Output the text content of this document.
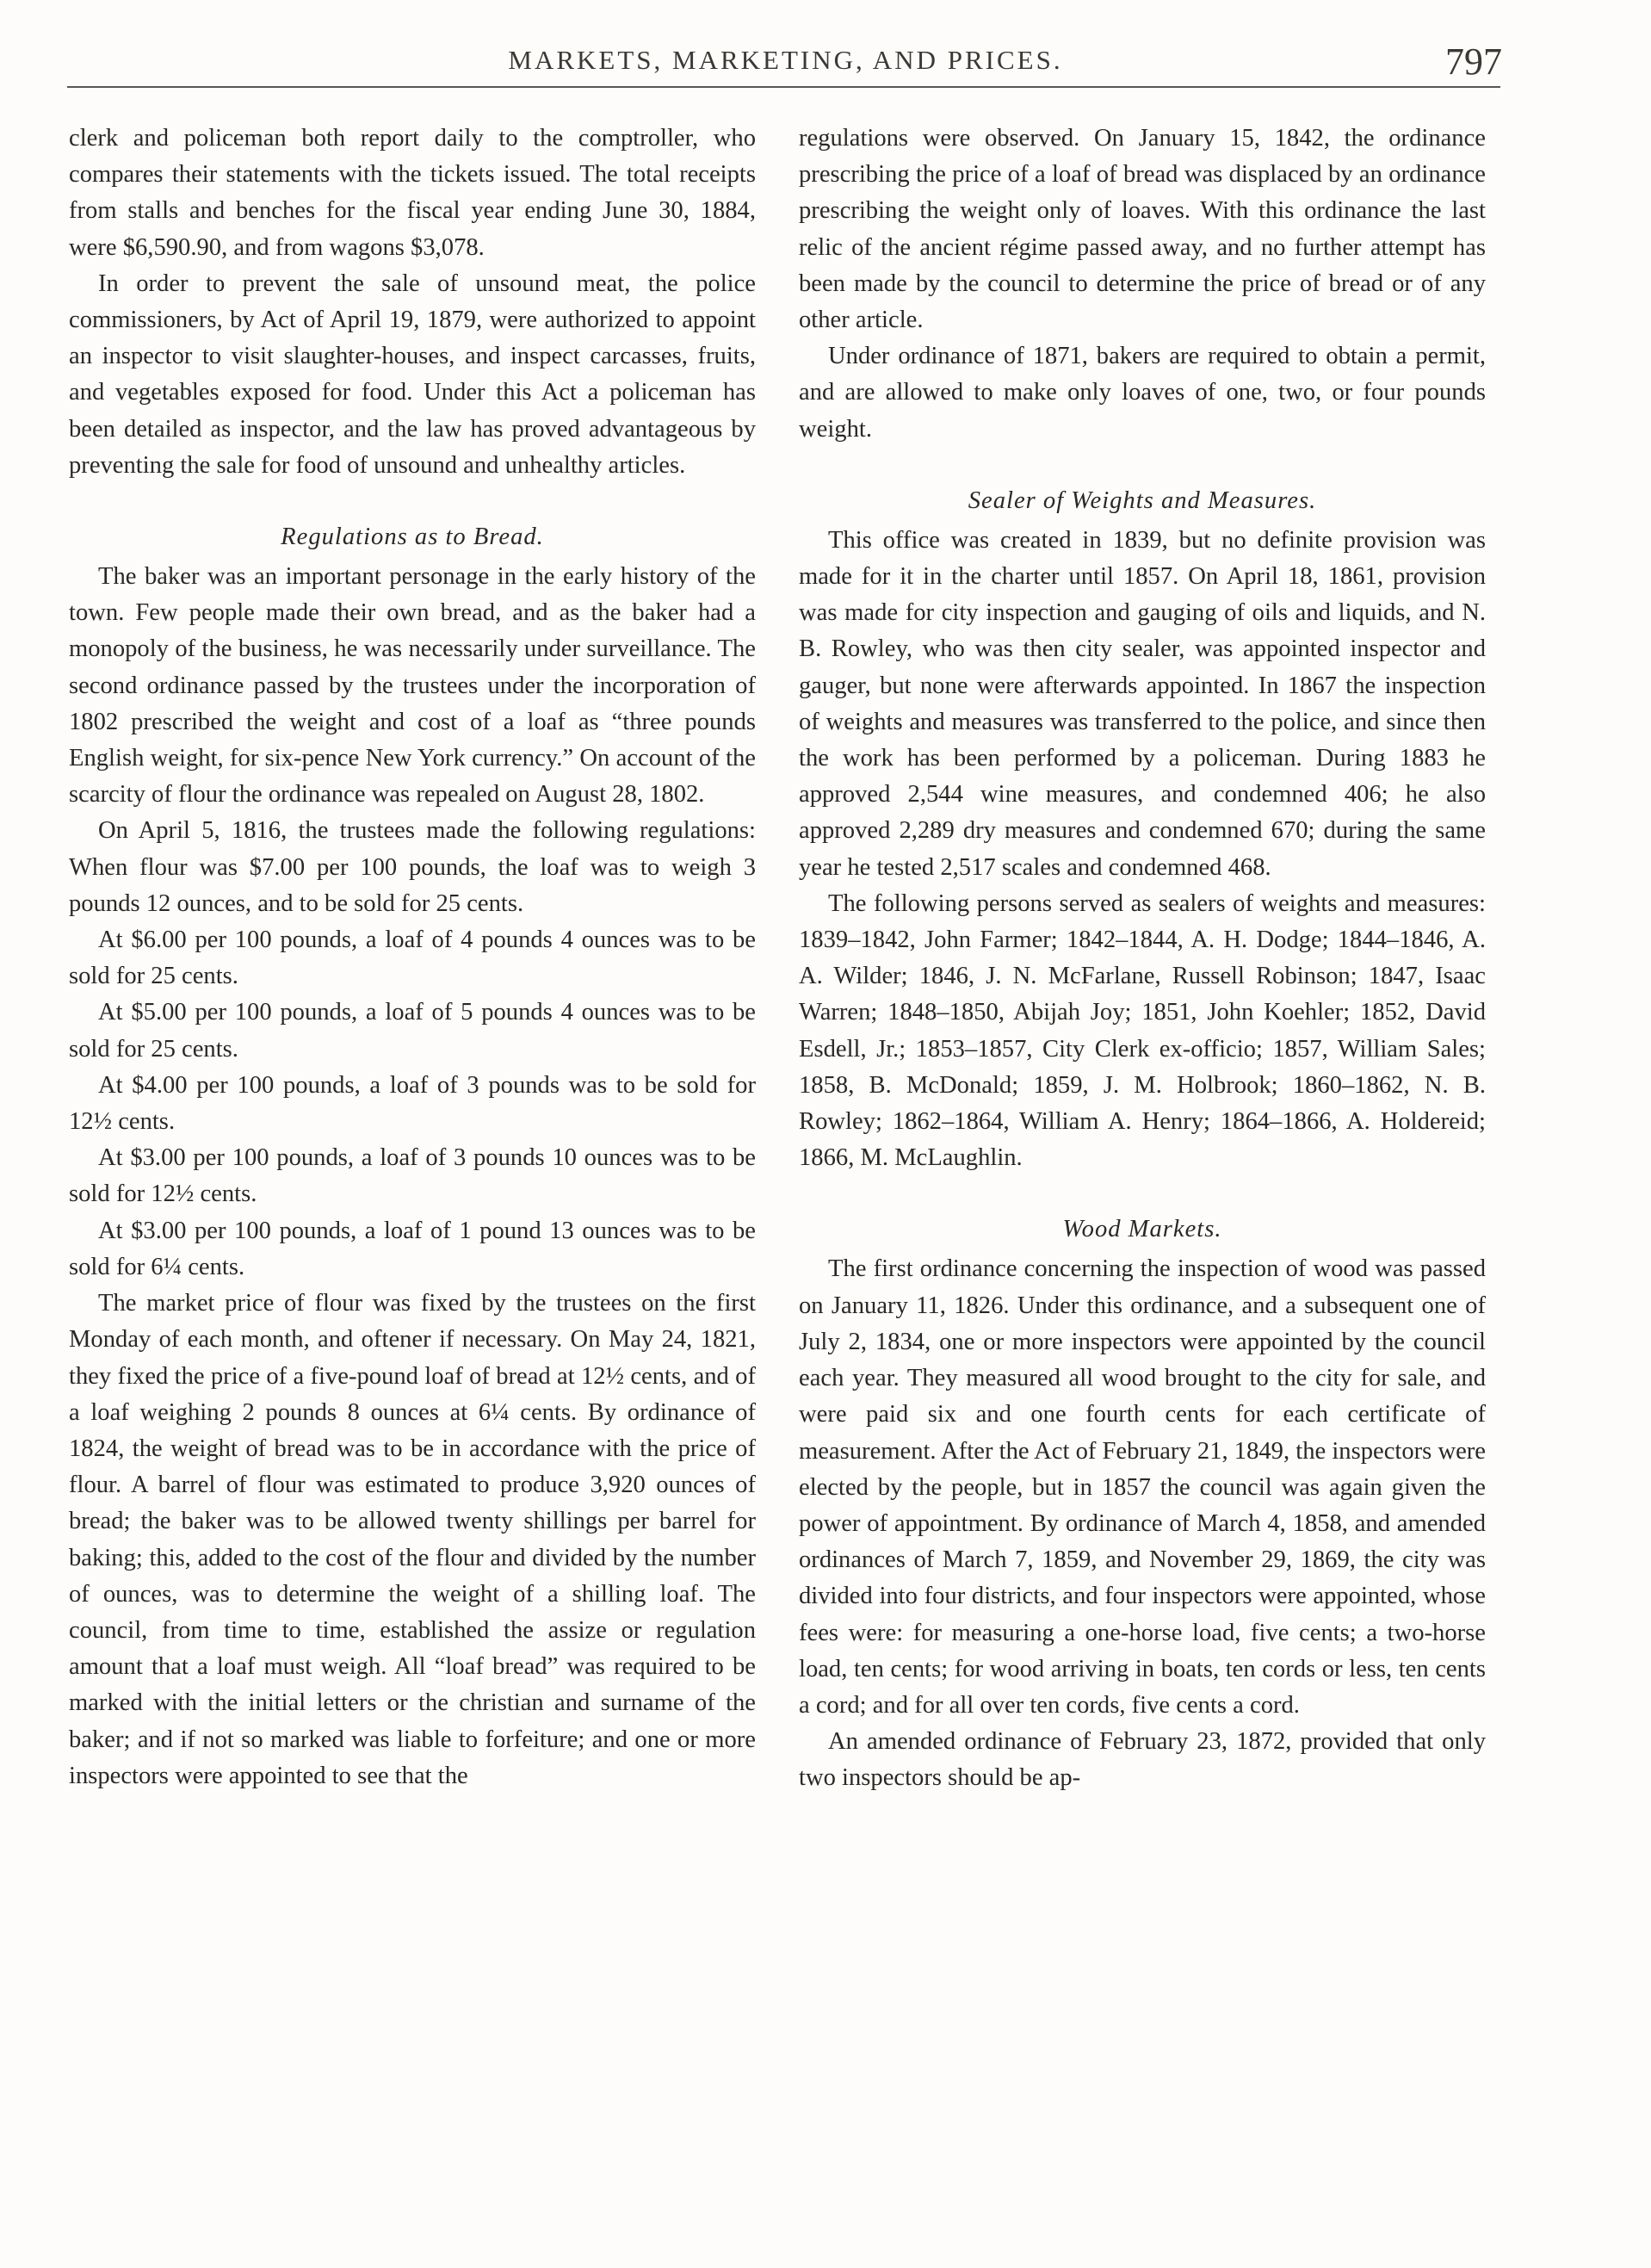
MARKETS, MARKETING, AND PRICES.	797

clerk and policeman both report daily to the comptroller, who compares their statements with the tickets issued. The total receipts from stalls and benches for the fiscal year ending June 30, 1884, were $6,590.90, and from wagons $3,078.

In order to prevent the sale of unsound meat, the police commissioners, by Act of April 19, 1879, were authorized to appoint an inspector to visit slaughter-houses, and inspect carcasses, fruits, and vegetables exposed for food. Under this Act a policeman has been detailed as inspector, and the law has proved advantageous by preventing the sale for food of unsound and unhealthy articles.

Regulations as to Bread.

The baker was an important personage in the early history of the town. Few people made their own bread, and as the baker had a monopoly of the business, he was necessarily under surveillance. The second ordinance passed by the trustees under the incorporation of 1802 prescribed the weight and cost of a loaf as “three pounds English weight, for six-pence New York currency.” On account of the scarcity of flour the ordinance was repealed on August 28, 1802.

On April 5, 1816, the trustees made the following regulations: When flour was $7.00 per 100 pounds, the loaf was to weigh 3 pounds 12 ounces, and to be sold for 25 cents.

At $6.00 per 100 pounds, a loaf of 4 pounds 4 ounces was to be sold for 25 cents.

At $5.00 per 100 pounds, a loaf of 5 pounds 4 ounces was to be sold for 25 cents.

At $4.00 per 100 pounds, a loaf of 3 pounds was to be sold for 12½ cents.

At $3.00 per 100 pounds, a loaf of 3 pounds 10 ounces was to be sold for 12½ cents.

At $3.00 per 100 pounds, a loaf of 1 pound 13 ounces was to be sold for 6¼ cents.

The market price of flour was fixed by the trustees on the first Monday of each month, and oftener if necessary. On May 24, 1821, they fixed the price of a five-pound loaf of bread at 12½ cents, and of a loaf weighing 2 pounds 8 ounces at 6¼ cents. By ordinance of 1824, the weight of bread was to be in accordance with the price of flour. A barrel of flour was estimated to produce 3,920 ounces of bread; the baker was to be allowed twenty shillings per barrel for baking; this, added to the cost of the flour and divided by the number of ounces, was to determine the weight of a shilling loaf. The council, from time to time, established the assize or regulation amount that a loaf must weigh. All “loaf bread” was required to be marked with the initial letters or the christian and surname of the baker; and if not so marked was liable to forfeiture; and one or more inspectors were appointed to see that the

regulations were observed. On January 15, 1842, the ordinance prescribing the price of a loaf of bread was displaced by an ordinance prescribing the weight only of loaves. With this ordinance the last relic of the ancient régime passed away, and no further attempt has been made by the council to determine the price of bread or of any other article.

Under ordinance of 1871, bakers are required to obtain a permit, and are allowed to make only loaves of one, two, or four pounds weight.

Sealer of Weights and Measures.

This office was created in 1839, but no definite provision was made for it in the charter until 1857. On April 18, 1861, provision was made for city inspection and gauging of oils and liquids, and N. B. Rowley, who was then city sealer, was appointed inspector and gauger, but none were afterwards appointed. In 1867 the inspection of weights and measures was transferred to the police, and since then the work has been performed by a policeman. During 1883 he approved 2,544 wine measures, and condemned 406; he also approved 2,289 dry measures and condemned 670; during the same year he tested 2,517 scales and condemned 468.

The following persons served as sealers of weights and measures: 1839–1842, John Farmer; 1842–1844, A. H. Dodge; 1844–1846, A. A. Wilder; 1846, J. N. McFarlane, Russell Robinson; 1847, Isaac Warren; 1848–1850, Abijah Joy; 1851, John Koehler; 1852, David Esdell, Jr.; 1853–1857, City Clerk ex-officio; 1857, William Sales; 1858, B. McDonald; 1859, J. M. Holbrook; 1860–1862, N. B. Rowley; 1862–1864, William A. Henry; 1864–1866, A. Holdereid; 1866, M. McLaughlin.

Wood Markets.

The first ordinance concerning the inspection of wood was passed on January 11, 1826. Under this ordinance, and a subsequent one of July 2, 1834, one or more inspectors were appointed by the council each year. They measured all wood brought to the city for sale, and were paid six and one fourth cents for each certificate of measurement. After the Act of February 21, 1849, the inspectors were elected by the people, but in 1857 the council was again given the power of appointment. By ordinance of March 4, 1858, and amended ordinances of March 7, 1859, and November 29, 1869, the city was divided into four districts, and four inspectors were appointed, whose fees were: for measuring a one-horse load, five cents; a two-horse load, ten cents; for wood arriving in boats, ten cords or less, ten cents a cord; and for all over ten cords, five cents a cord.

An amended ordinance of February 23, 1872, provided that only two inspectors should be ap-
